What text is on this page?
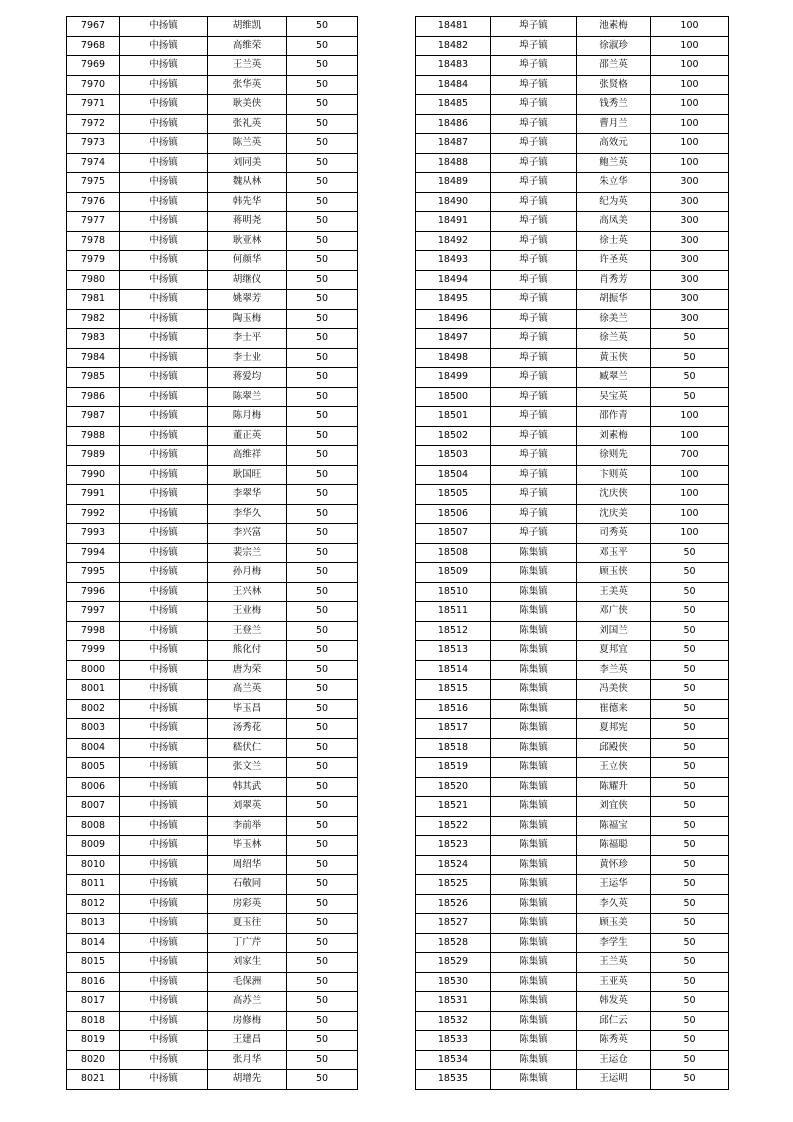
7967	中扬镇	胡维凯	50
7968	中扬镇	高维荣	50
7969	中扬镇	王兰英	50
7970	中扬镇	张华英	50
7971	中扬镇	耿美侠	50
7972	中扬镇	张礼英	50
7973	中扬镇	陈兰英	50
7974	中扬镇	刘同美	50
7975	中扬镇	魏从林	50
7976	中扬镇	韩先华	50
7977	中扬镇	蒋明尧	50
7978	中扬镇	耿亚林	50
7979	中扬镇	何颜华	50
7980	中扬镇	胡继仪	50
7981	中扬镇	姚翠芳	50
7982	中扬镇	陶玉梅	50
7983	中扬镇	李士平	50
7984	中扬镇	李士业	50
7985	中扬镇	蒋爱均	50
7986	中扬镇	陈翠兰	50
7987	中扬镇	陈月梅	50
7988	中扬镇	董正英	50
7989	中扬镇	高维祥	50
7990	中扬镇	耿国旺	50
7991	中扬镇	李翠华	50
7992	中扬镇	李华久	50
7993	中扬镇	李兴富	50
7994	中扬镇	裴宗兰	50
7995	中扬镇	孙月梅	50
7996	中扬镇	王兴林	50
7997	中扬镇	王业梅	50
7998	中扬镇	王登兰	50
7999	中扬镇	熊化付	50
8000	中扬镇	唐为荣	50
8001	中扬镇	高兰英	50
8002	中扬镇	毕玉昌	50
8003	中扬镇	汤秀花	50
8004	中扬镇	嵇伏仁	50
8005	中扬镇	张文兰	50
8006	中扬镇	韩其武	50
8007	中扬镇	刘翠英	50
8008	中扬镇	李前举	50
8009	中扬镇	毕玉林	50
8010	中扬镇	周绍华	50
8011	中扬镇	石敬同	50
8012	中扬镇	房彩英	50
8013	中扬镇	夏玉往	50
8014	中扬镇	丁广芹	50
8015	中扬镇	刘家生	50
8016	中扬镇	毛保洲	50
8017	中扬镇	高苏兰	50
8018	中扬镇	房修梅	50
8019	中扬镇	王建昌	50
8020	中扬镇	张月华	50
8021	中扬镇	胡增先	50
18481	埠子镇	池素梅	100
18482	埠子镇	徐淑珍	100
18483	埠子镇	邵兰英	100
18484	埠子镇	张贤格	100
18485	埠子镇	钱秀兰	100
18486	埠子镇	曹月兰	100
18487	埠子镇	高效元	100
18488	埠子镇	鲍兰英	100
18489	埠子镇	朱立华	300
18490	埠子镇	纪为英	300
18491	埠子镇	高凤美	300
18492	埠子镇	徐士英	300
18493	埠子镇	许圣英	300
18494	埠子镇	肖秀芳	300
18495	埠子镇	胡振华	300
18496	埠子镇	徐美兰	300
18497	埠子镇	徐兰英	50
18498	埠子镇	黄玉侠	50
18499	埠子镇	臧翠兰	50
18500	埠子镇	吴宝英	50
18501	埠子镇	邵作青	100
18502	埠子镇	刘素梅	100
18503	埠子镇	徐则先	700
18504	埠子镇	卞则英	100
18505	埠子镇	沈庆侠	100
18506	埠子镇	沈庆美	100
18507	埠子镇	司秀英	100
18508	陈集镇	邓玉平	50
18509	陈集镇	顾玉侠	50
18510	陈集镇	王美英	50
18511	陈集镇	邓广侠	50
18512	陈集镇	刘国兰	50
18513	陈集镇	夏邦宜	50
18514	陈集镇	李兰英	50
18515	陈集镇	冯美侠	50
18516	陈集镇	崔德来	50
18517	陈集镇	夏邦宪	50
18518	陈集镇	邱殿侠	50
18519	陈集镇	王立侠	50
18520	陈集镇	陈耀升	50
18521	陈集镇	刘宜侠	50
18522	陈集镇	陈福宝	50
18523	陈集镇	陈福聪	50
18524	陈集镇	黄怀珍	50
18525	陈集镇	王运华	50
18526	陈集镇	李久英	50
18527	陈集镇	顾玉美	50
18528	陈集镇	李学生	50
18529	陈集镇	王兰英	50
18530	陈集镇	王亚英	50
18531	陈集镇	韩发英	50
18532	陈集镇	邱仁云	50
18533	陈集镇	陈秀英	50
18534	陈集镇	王运仓	50
18535	陈集镇	王运明	50
